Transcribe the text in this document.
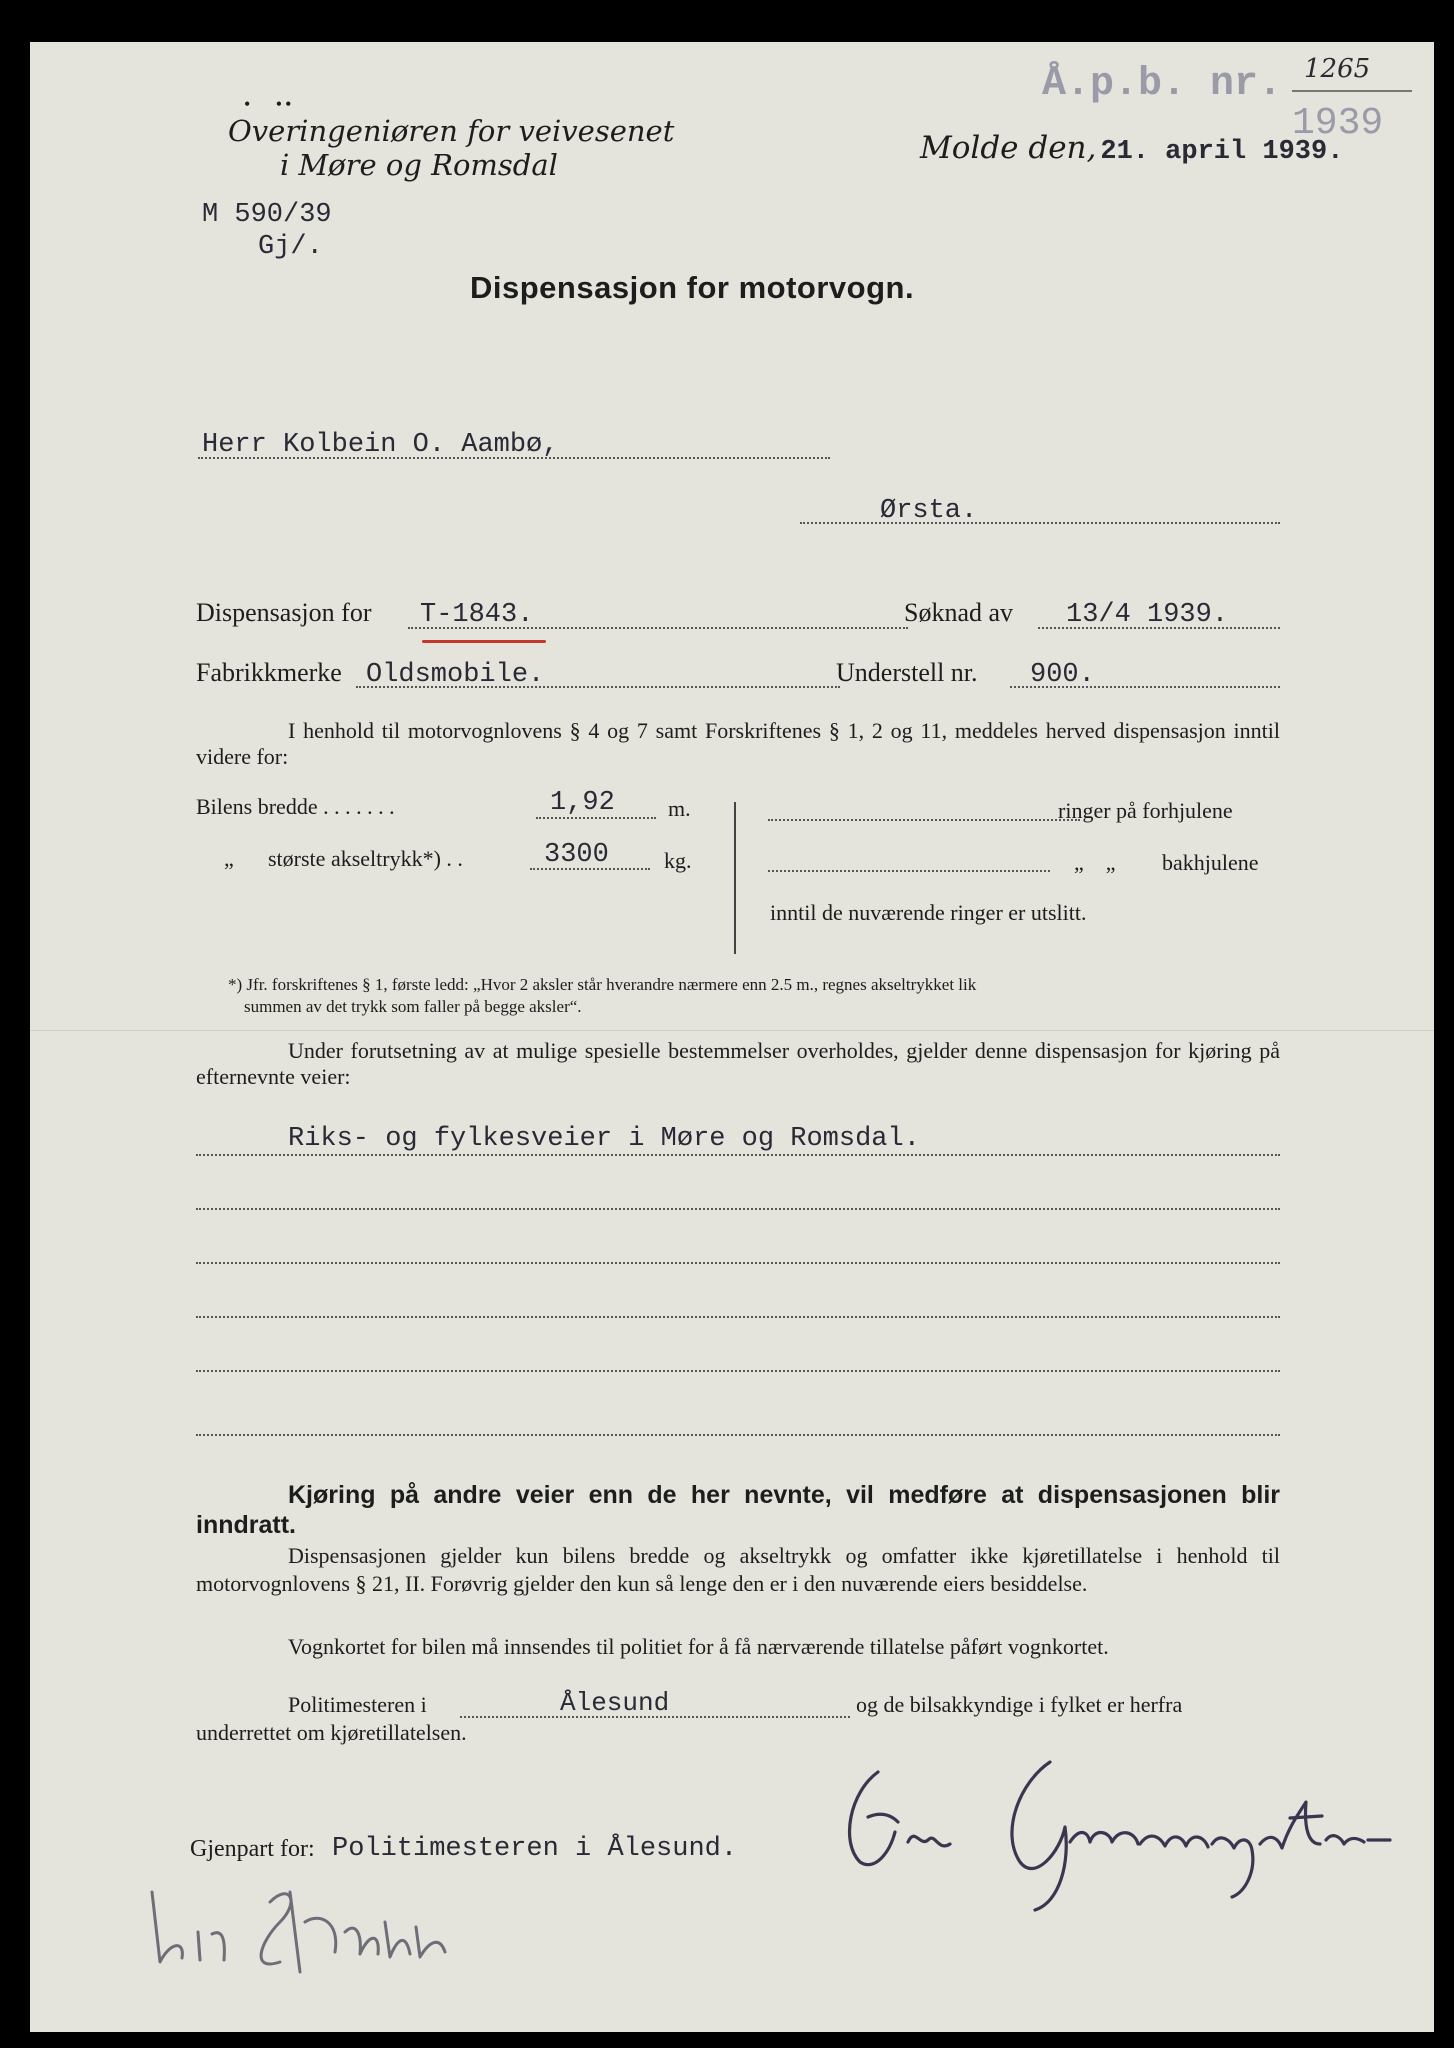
Å.p.b. nr. 1265
1939
•   ••
Overingeniøren for veivesenet
i Møre og Romsdal	Molde den, 21. april 1939.
M 590/39
Gj/.
Dispensasjon for motorvogn.
Herr Kolbein O. Aambø,
Ørsta.
Dispensasjon for T-1843.	Søknad av 13/4 1939.
Fabrikkmerke Oldsmobile.	Understell nr. 900.
I henhold til motorvognlovens § 4 og 7 samt Forskriftenes § 1, 2 og 11, meddeles herved dispensasjon inntil videre for:
Bilens bredde . . . . . . .	1,92 m.
„ største akseltrykk*) . .	3300	kg.
ringer på forhjulene
„    „ bakhjulene
inntil de nuværende ringer er utslitt.
*) Jfr. forskriftenes § 1, første ledd: „Hvor 2 aksler står hverandre nærmere enn 2.5 m., regnes akseltrykket lik
summen av det trykk som faller på begge aksler“.
Under forutsetning av at mulige spesielle bestemmelser overholdes, gjelder denne dispensasjon for kjøring på efternevnte veier:
Riks- og fylkesveier i Møre og Romsdal.
Kjøring på andre veier enn de her nevnte, vil medføre at dispensasjonen blir inndratt.
Dispensasjonen gjelder kun bilens bredde og akseltrykk og omfatter ikke kjøretillatelse i henhold til motorvognlovens § 21, II. Forøvrig gjelder den kun så lenge den er i den nuværende eiers besiddelse.
Vognkortet for bilen må innsendes til politiet for å få nærværende tillatelse påført vognkortet.
Politimesteren i	Ålesund	og de bilsakkyndige i fylket er herfra
underrettet om kjøretillatelsen.	Eivind Grønningsæter
Gjenpart for: Politimesteren i Ålesund.
bir Skakke
